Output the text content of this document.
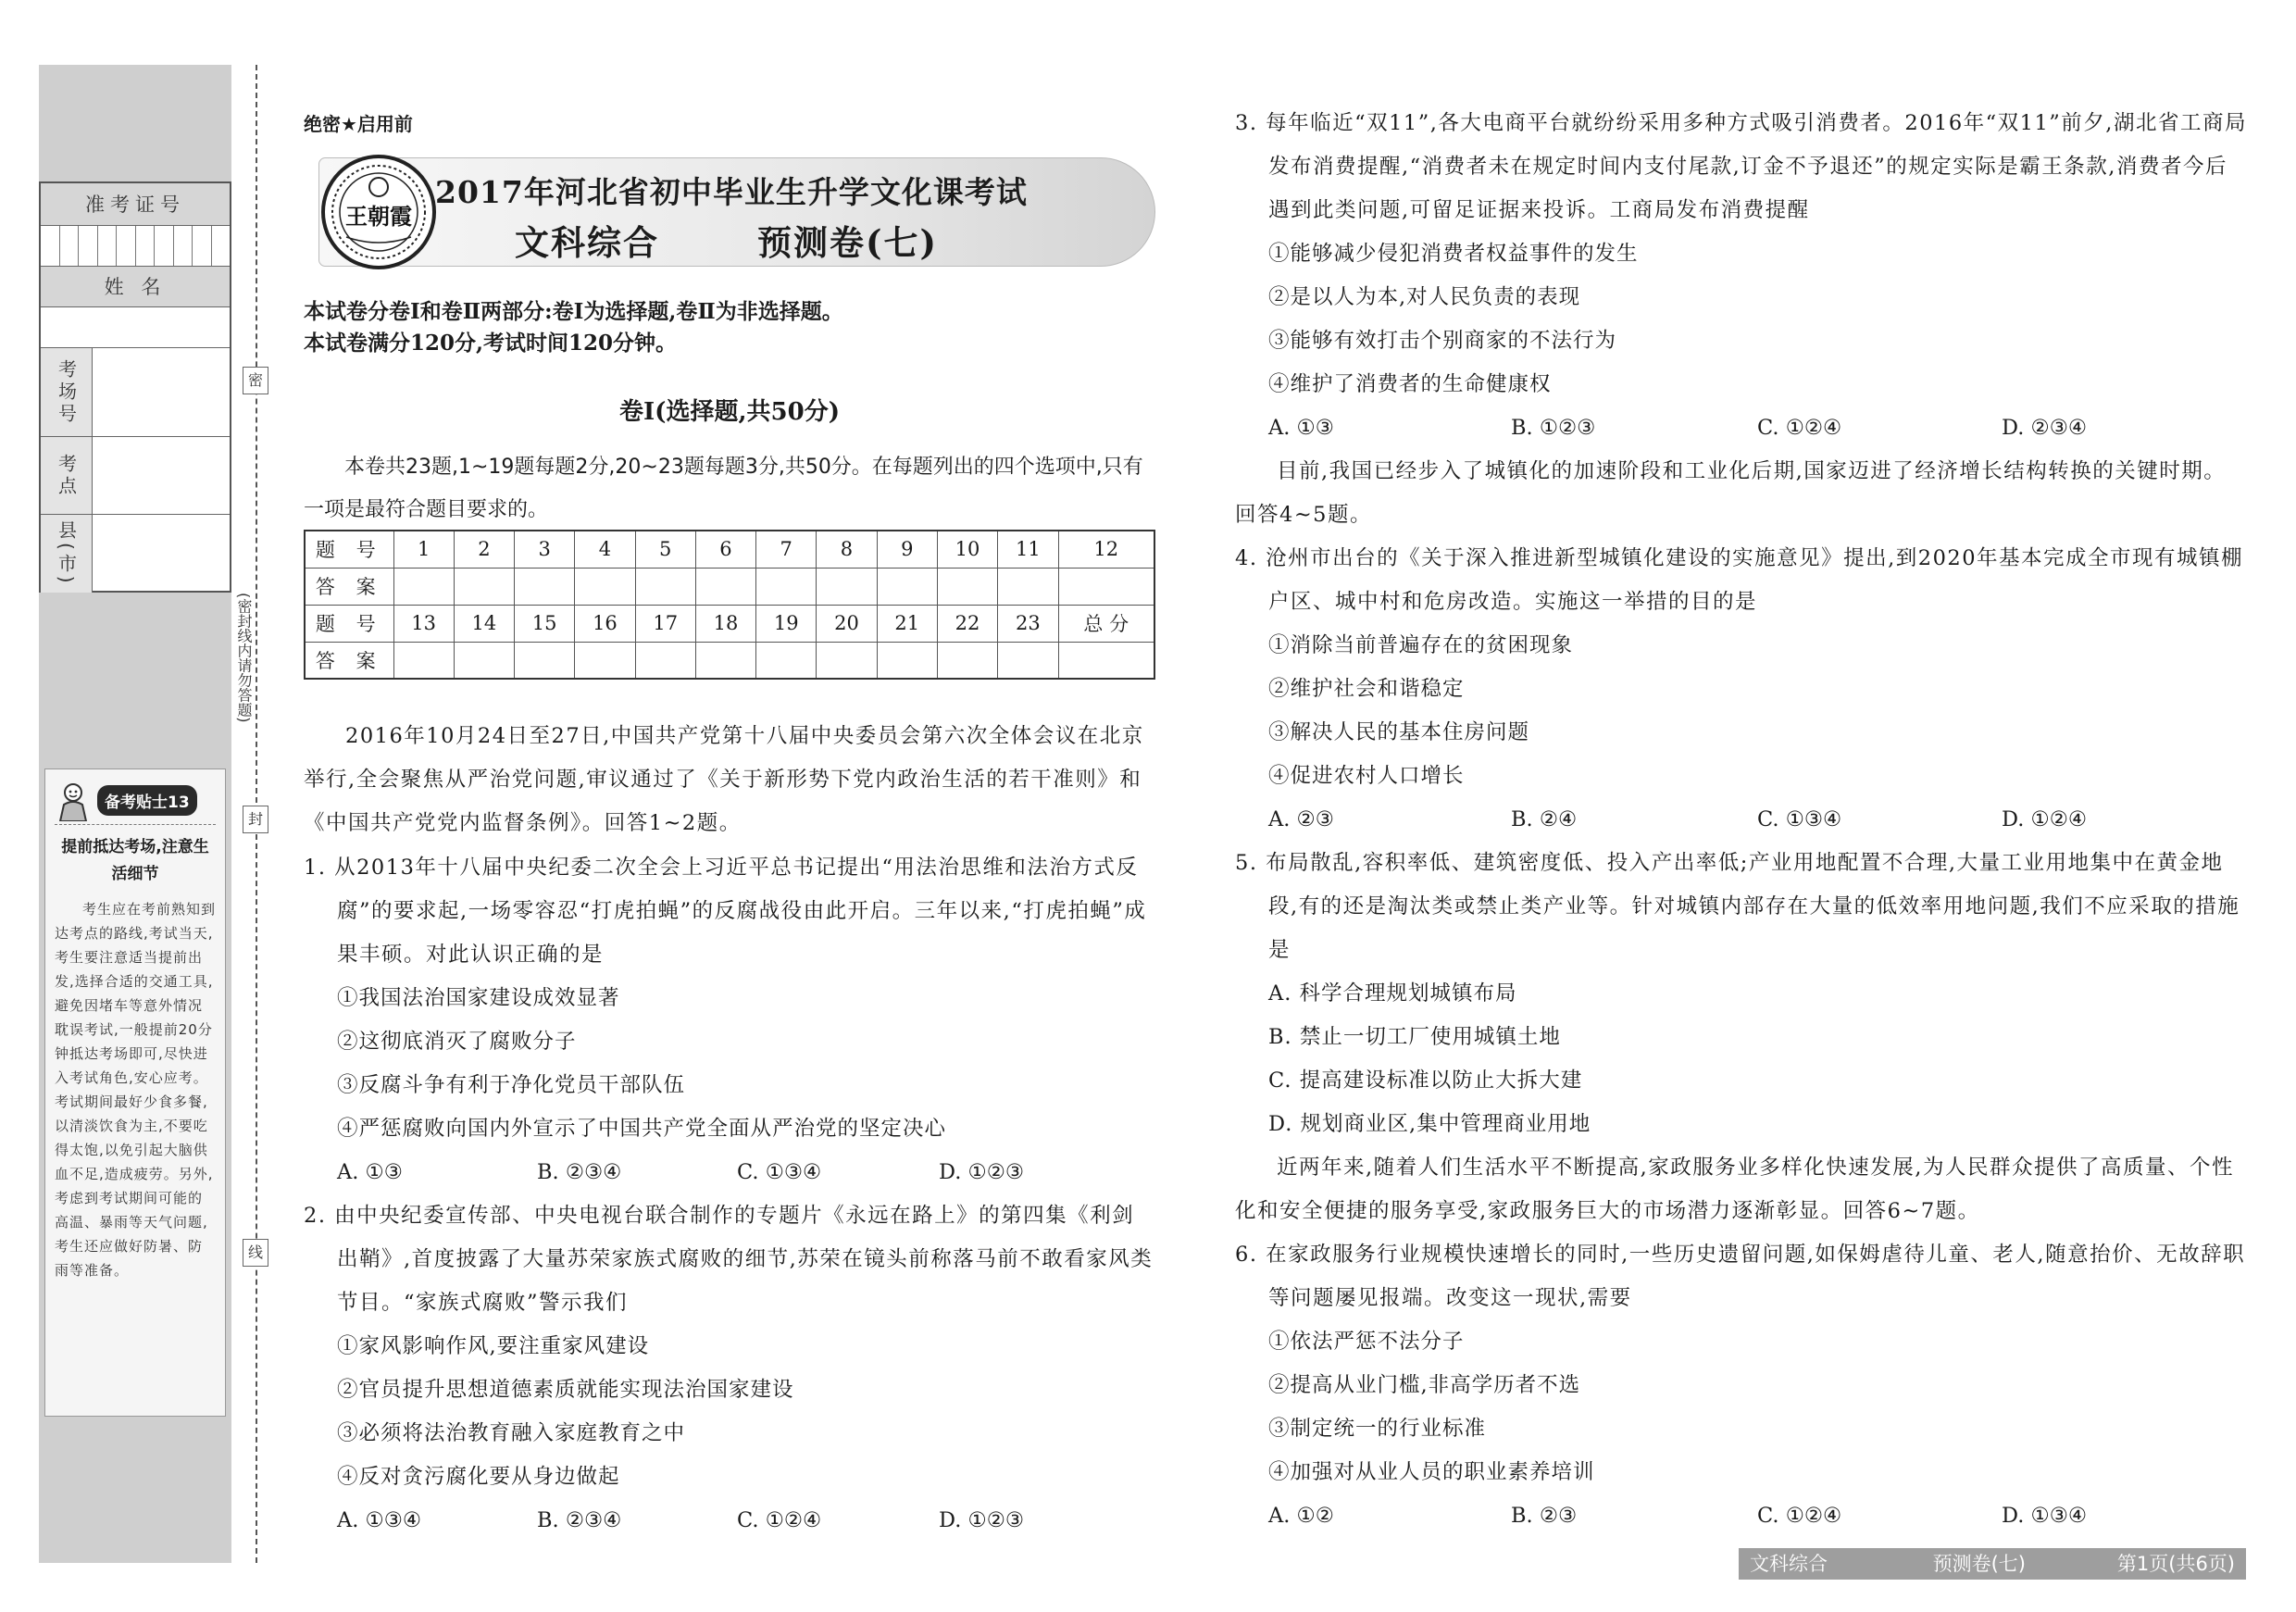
准考证号
姓 名
考场号
考点
县(市)
备考贴士13
提前抵达考场,注意生活细节
考生应在考前熟知到达考点的路线,考试当天,考生要注意适当提前出发,选择合适的交通工具,避免因堵车等意外情况耽误考试,一般提前20分钟抵达考场即可,尽快进入考试角色,安心应考。考试期间最好少食多餐,以清淡饮食为主,不要吃得太饱,以免引起大脑供血不足,造成疲劳。另外,考虑到考试期间可能的高温、暴雨等天气问题,考生还应做好防暑、防雨等准备。
密
(密封线内请勿答题)
封
线
绝密★启用前
王朝霞
2017年河北省初中毕业生升学文化课考试
文科综合	预测卷(七)
本试卷分卷Ⅰ和卷Ⅱ两部分:卷Ⅰ为选择题,卷Ⅱ为非选择题。
本试卷满分120分,考试时间120分钟。
卷Ⅰ(选择题,共50分)
本卷共23题,1~19题每题2分,20~23题每题3分,共50分。在每题列出的四个选项中,只有一项是最符合题目要求的。
题 号	1	2	3	4	5	6	7	8	9	10	11	12
答 案												
题 号	13	14	15	16	17	18	19	20	21	22	23	总 分
答 案												
2016年10月24日至27日,中国共产党第十八届中央委员会第六次全体会议在北京举行,全会聚焦从严治党问题,审议通过了《关于新形势下党内政治生活的若干准则》和《中国共产党党内监督条例》。回答1~2题。
1. 从2013年十八届中央纪委二次全会上习近平总书记提出“用法治思维和法治方式反腐”的要求起,一场零容忍“打虎拍蝇”的反腐战役由此开启。三年以来,“打虎拍蝇”成果丰硕。对此认识正确的是
①我国法治国家建设成效显著
②这彻底消灭了腐败分子
③反腐斗争有利于净化党员干部队伍
④严惩腐败向国内外宣示了中国共产党全面从严治党的坚定决心
A. ①③	B. ②③④	C. ①③④	D. ①②③
2. 由中央纪委宣传部、中央电视台联合制作的专题片《永远在路上》的第四集《利剑出鞘》,首度披露了大量苏荣家族式腐败的细节,苏荣在镜头前称落马前不敢看家风类节目。“家族式腐败”警示我们
①家风影响作风,要注重家风建设
②官员提升思想道德素质就能实现法治国家建设
③必须将法治教育融入家庭教育之中
④反对贪污腐化要从身边做起
A. ①③④	B. ②③④	C. ①②④	D. ①②③
3. 每年临近“双11”,各大电商平台就纷纷采用多种方式吸引消费者。2016年“双11”前夕,湖北省工商局发布消费提醒,“消费者未在规定时间内支付尾款,订金不予退还”的规定实际是霸王条款,消费者今后遇到此类问题,可留足证据来投诉。工商局发布消费提醒
①能够减少侵犯消费者权益事件的发生
②是以人为本,对人民负责的表现
③能够有效打击个别商家的不法行为
④维护了消费者的生命健康权
A. ①③	B. ①②③	C. ①②④	D. ②③④
目前,我国已经步入了城镇化的加速阶段和工业化后期,国家迈进了经济增长结构转换的关键时期。回答4~5题。
4. 沧州市出台的《关于深入推进新型城镇化建设的实施意见》提出,到2020年基本完成全市现有城镇棚户区、城中村和危房改造。实施这一举措的目的是
①消除当前普遍存在的贫困现象
②维护社会和谐稳定
③解决人民的基本住房问题
④促进农村人口增长
A. ②③	B. ②④	C. ①③④	D. ①②④
5. 布局散乱,容积率低、建筑密度低、投入产出率低;产业用地配置不合理,大量工业用地集中在黄金地段,有的还是淘汰类或禁止类产业等。针对城镇内部存在大量的低效率用地问题,我们不应采取的措施是
A. 科学合理规划城镇布局
B. 禁止一切工厂使用城镇土地
C. 提高建设标准以防止大拆大建
D. 规划商业区,集中管理商业用地
近两年来,随着人们生活水平不断提高,家政服务业多样化快速发展,为人民群众提供了高质量、个性化和安全便捷的服务享受,家政服务巨大的市场潜力逐渐彰显。回答6~7题。
6. 在家政服务行业规模快速增长的同时,一些历史遗留问题,如保姆虐待儿童、老人,随意抬价、无故辞职等问题屡见报端。改变这一现状,需要
①依法严惩不法分子
②提高从业门槛,非高学历者不选
③制定统一的行业标准
④加强对从业人员的职业素养培训
A. ①②	B. ②③	C. ①②④	D. ①③④
文科综合	预测卷(七)	第1页(共6页)
